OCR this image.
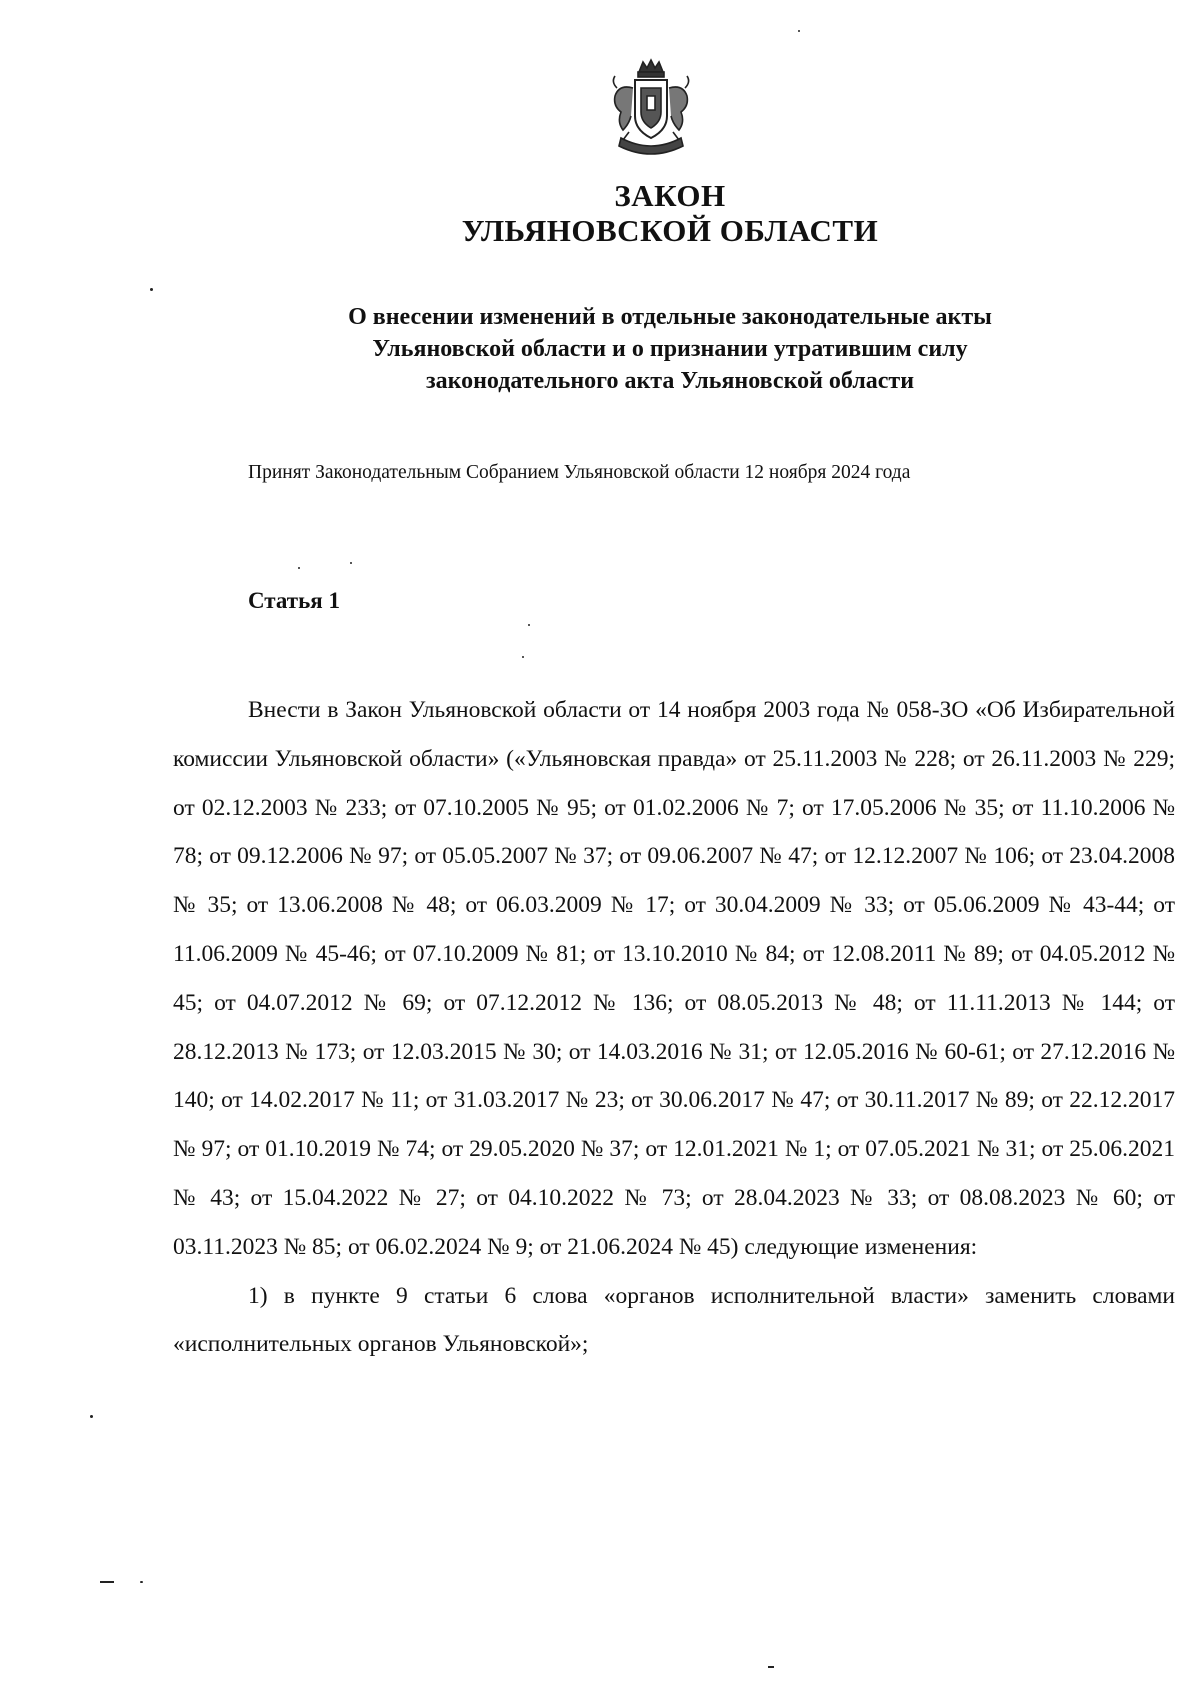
ЗАКОН
УЛЬЯНОВСКОЙ ОБЛАСТИ
О внесении изменений в отдельные законодательные акты
Ульяновской области и о признании утратившим силу
законодательного акта Ульяновской области
Принят Законодательным Собранием Ульяновской области 12 ноября 2024 года
Статья 1

Внести в Закон Ульяновской области от 14 ноября 2003 года № 058-ЗО «Об Избирательной комиссии Ульяновской области» («Ульяновская правда» от 25.11.2003 № 228; от 26.11.2003 № 229; от 02.12.2003 № 233; от 07.10.2005 № 95; от 01.02.2006 № 7; от 17.05.2006 № 35; от 11.10.2006 № 78; от 09.12.2006 № 97; от 05.05.2007 № 37; от 09.06.2007 № 47; от 12.12.2007 № 106; от 23.04.2008 № 35; от 13.06.2008 № 48; от 06.03.2009 № 17; от 30.04.2009 № 33; от 05.06.2009 № 43-44; от 11.06.2009 № 45-46; от 07.10.2009 № 81; от 13.10.2010 № 84; от 12.08.2011 № 89; от 04.05.2012 № 45; от 04.07.2012 № 69; от 07.12.2012 № 136; от 08.05.2013 № 48; от 11.11.2013 № 144; от 28.12.2013 № 173; от 12.03.2015 № 30; от 14.03.2016 № 31; от 12.05.2016 № 60-61; от 27.12.2016 № 140; от 14.02.2017 № 11; от 31.03.2017 № 23; от 30.06.2017 № 47; от 30.11.2017 № 89; от 22.12.2017 № 97; от 01.10.2019 № 74; от 29.05.2020 № 37; от 12.01.2021 № 1; от 07.05.2021 № 31; от 25.06.2021 № 43; от 15.04.2022 № 27; от 04.10.2022 № 73; от 28.04.2023 № 33; от 08.08.2023 № 60; от 03.11.2023 № 85; от 06.02.2024 № 9; от 21.06.2024 № 45) следующие изменения:

1) в пункте 9 статьи 6 слова «органов исполнительной власти» заменить словами «исполнительных органов Ульяновской»;
